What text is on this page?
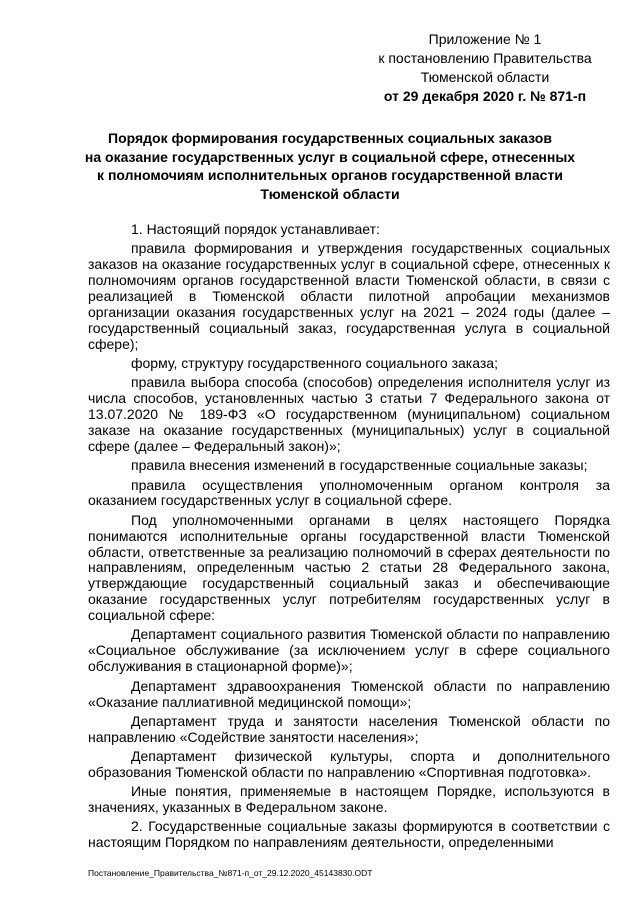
Приложение № 1
к постановлению Правительства
Тюменской области
от 29 декабря 2020 г. № 871-п
Порядок формирования государственных социальных заказов
на оказание государственных услуг в социальной сфере, отнесенных
к полномочиям исполнительных органов государственной власти
Тюменской области

1. Настоящий порядок устанавливает:

правила формирования и утверждения государственных социальных заказов на оказание государственных услуг в социальной сфере, отнесенных к полномочиям органов государственной власти Тюменской области, в связи с реализацией в Тюменской области пилотной апробации механизмов организации оказания государственных услуг на 2021 – 2024 годы (далее – государственный социальный заказ, государственная услуга в социальной сфере);

форму, структуру государственного социального заказа;

правила выбора способа (способов) определения исполнителя услуг из числа способов, установленных частью 3 статьи 7 Федерального закона от 13.07.2020 № 189-ФЗ «О государственном (муниципальном) социальном заказе на оказание государственных (муниципальных) услуг в социальной сфере (далее – Федеральный закон)»;

правила внесения изменений в государственные социальные заказы;

правила осуществления уполномоченным органом контроля за оказанием государственных услуг в социальной сфере.

Под уполномоченными органами в целях настоящего Порядка понимаются исполнительные органы государственной власти Тюменской области, ответственные за реализацию полномочий в сферах деятельности по направлениям, определенным частью 2 статьи 28 Федерального закона, утверждающие государственный социальный заказ и обеспечивающие оказание государственных услуг потребителям государственных услуг в социальной сфере:

Департамент социального развития Тюменской области по направлению «Социальное обслуживание (за исключением услуг в сфере социального обслуживания в стационарной форме)»;

Департамент здравоохранения Тюменской области по направлению «Оказание паллиативной медицинской помощи»;

Департамент труда и занятости населения Тюменской области по направлению «Содействие занятости населения»;

Департамент физической культуры, спорта и дополнительного образования Тюменской области по направлению «Спортивная подготовка».

Иные понятия, применяемые в настоящем Порядке, используются в значениях, указанных в Федеральном законе.

2. Государственные социальные заказы формируются в соответствии с настоящим Порядком по направлениям деятельности, определенными

Постановление_Правительства_№871-п_от_29.12.2020_45143830.ODT
